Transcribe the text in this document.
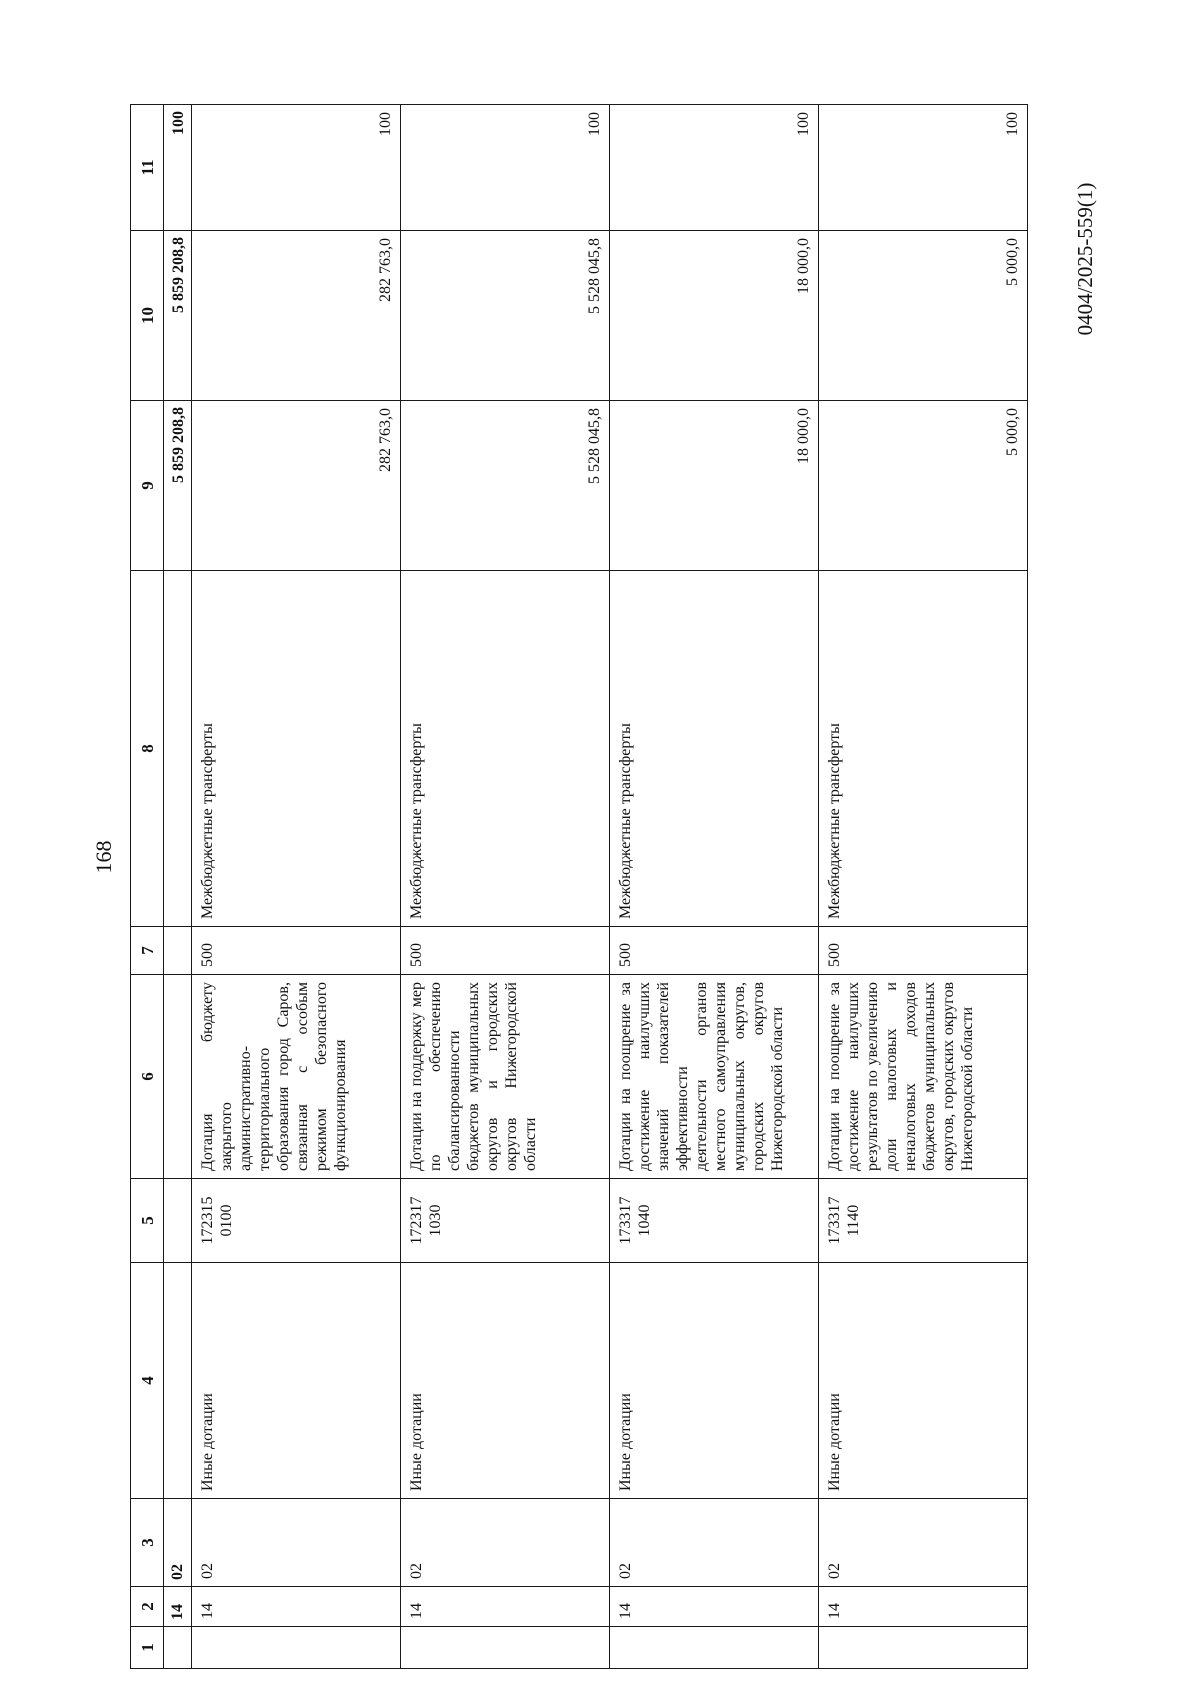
168
0404/2025-559(1)
1	2	3	4	5	6	7	8	9	10	11
	14	02						5 859 208,8	5 859 208,8	100
	14	02	Иные дотации	172315 0100	Дотация бюджету закрытого административно-территориального образования город Саров, связанная с особым режимом безопасного функционирования	500	Межбюджетные трансферты	282 763,0	282 763,0	100
	14	02	Иные дотации	172317 1030	Дотации на поддержку мер по обеспечению сбалансированности бюджетов муниципальных округов и городских округов Нижегородской области	500	Межбюджетные трансферты	5 528 045,8	5 528 045,8	100
	14	02	Иные дотации	173317 1040	Дотации на поощрение за достижение наилучших значений показателей эффективности деятельности органов местного самоуправления муниципальных округов, городских округов Нижегородской области	500	Межбюджетные трансферты	18 000,0	18 000,0	100
	14	02	Иные дотации	173317 1140	Дотации на поощрение за достижение наилучших результатов по увеличению доли налоговых и неналоговых доходов бюджетов муниципальных округов, городских округов Нижегородской области	500	Межбюджетные трансферты	5 000,0	5 000,0	100
